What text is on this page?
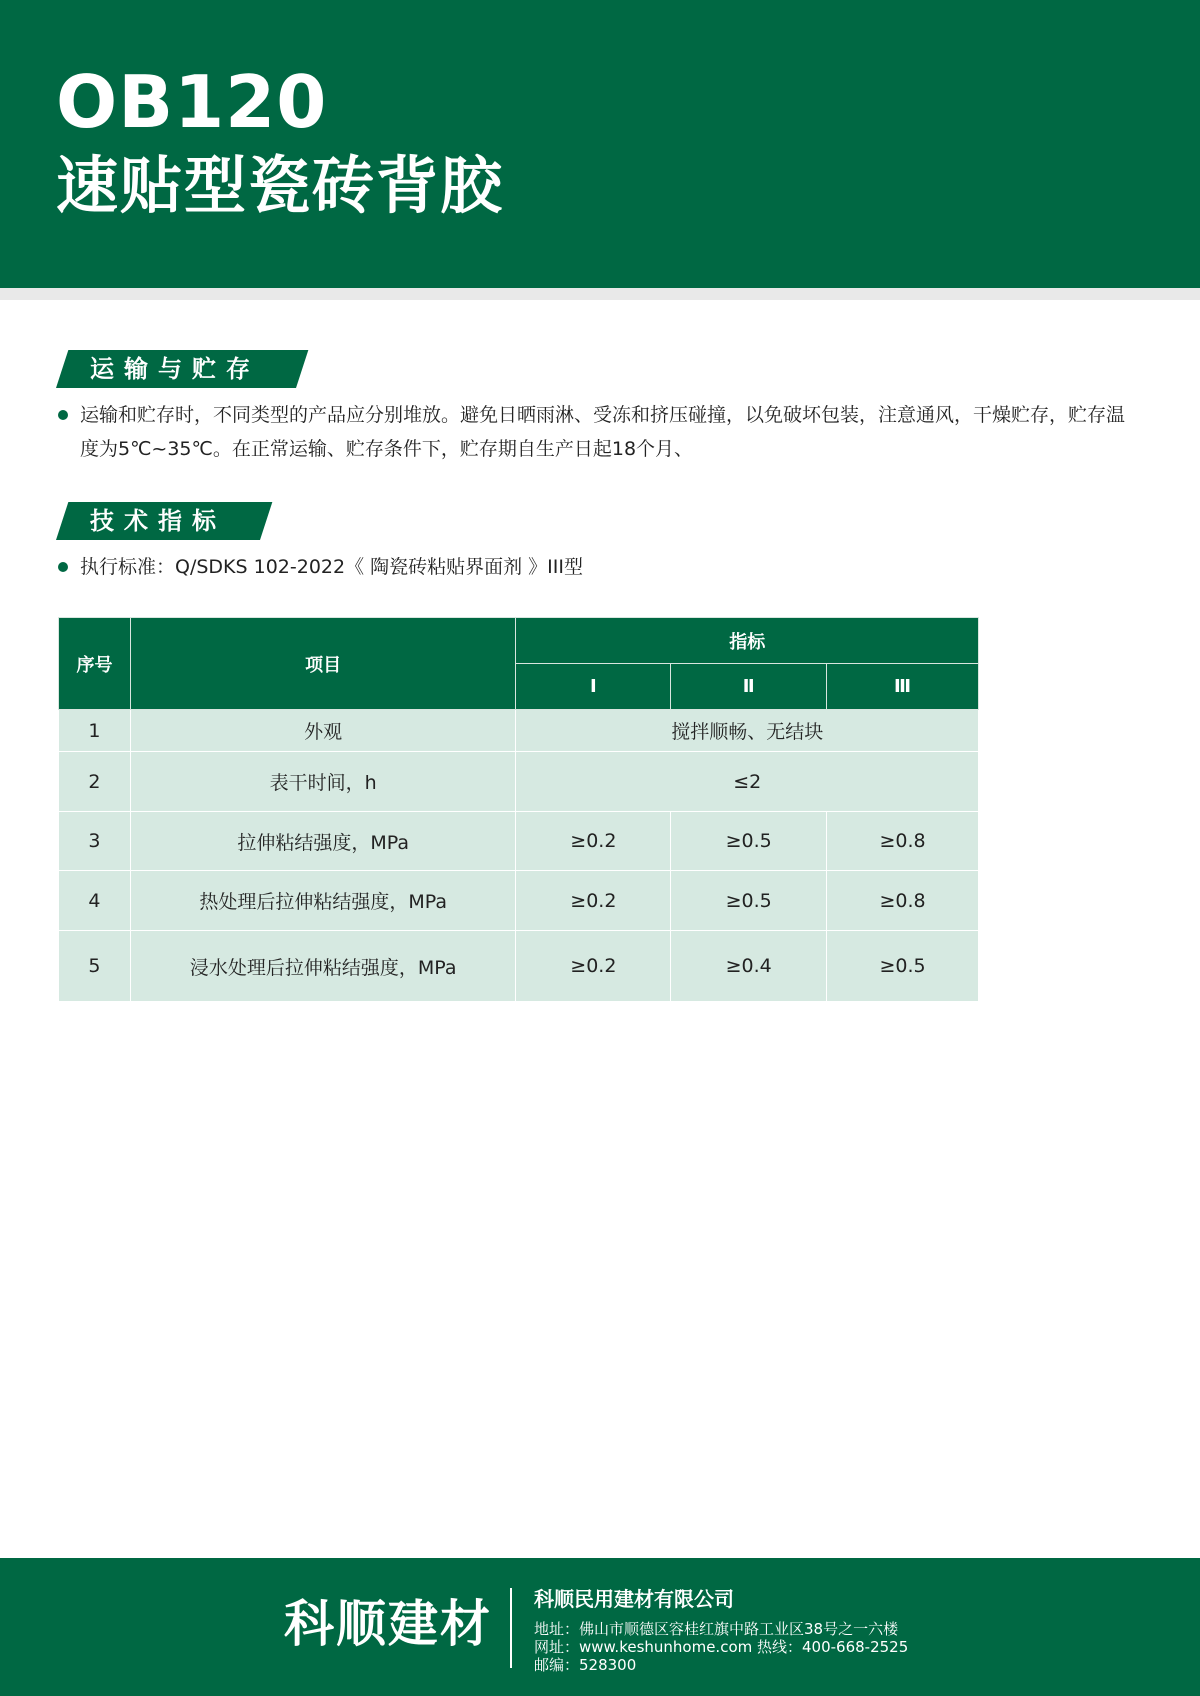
OB120
速贴型瓷砖背胶
运输与贮存
运输和贮存时，不同类型的产品应分别堆放。避免日晒雨淋、受冻和挤压碰撞，以免破坏包装，注意通风，干燥贮存，贮存温度为5℃~35℃。在正常运输、贮存条件下，贮存期自生产日起18个月、
技术指标
执行标准：Q/SDKS 102-2022《 陶瓷砖粘贴界面剂 》III型
序号	项目	指标		
		Ⅰ	Ⅱ	Ⅲ
1	外观	搅拌顺畅、无结块		
2	表干时间，h	≤2		
3	拉伸粘结强度，MPa	≥0.2	≥0.5	≥0.8
4	热处理后拉伸粘结强度，MPa	≥0.2	≥0.5	≥0.8
5	浸水处理后拉伸粘结强度，MPa	≥0.2	≥0.4	≥0.5
科顺建材 科顺民用建材有限公司
地址：佛山市顺德区容桂红旗中路工业区38号之一六楼
网址：www.keshunhome.com 热线：400-668-2525
邮编：528300
